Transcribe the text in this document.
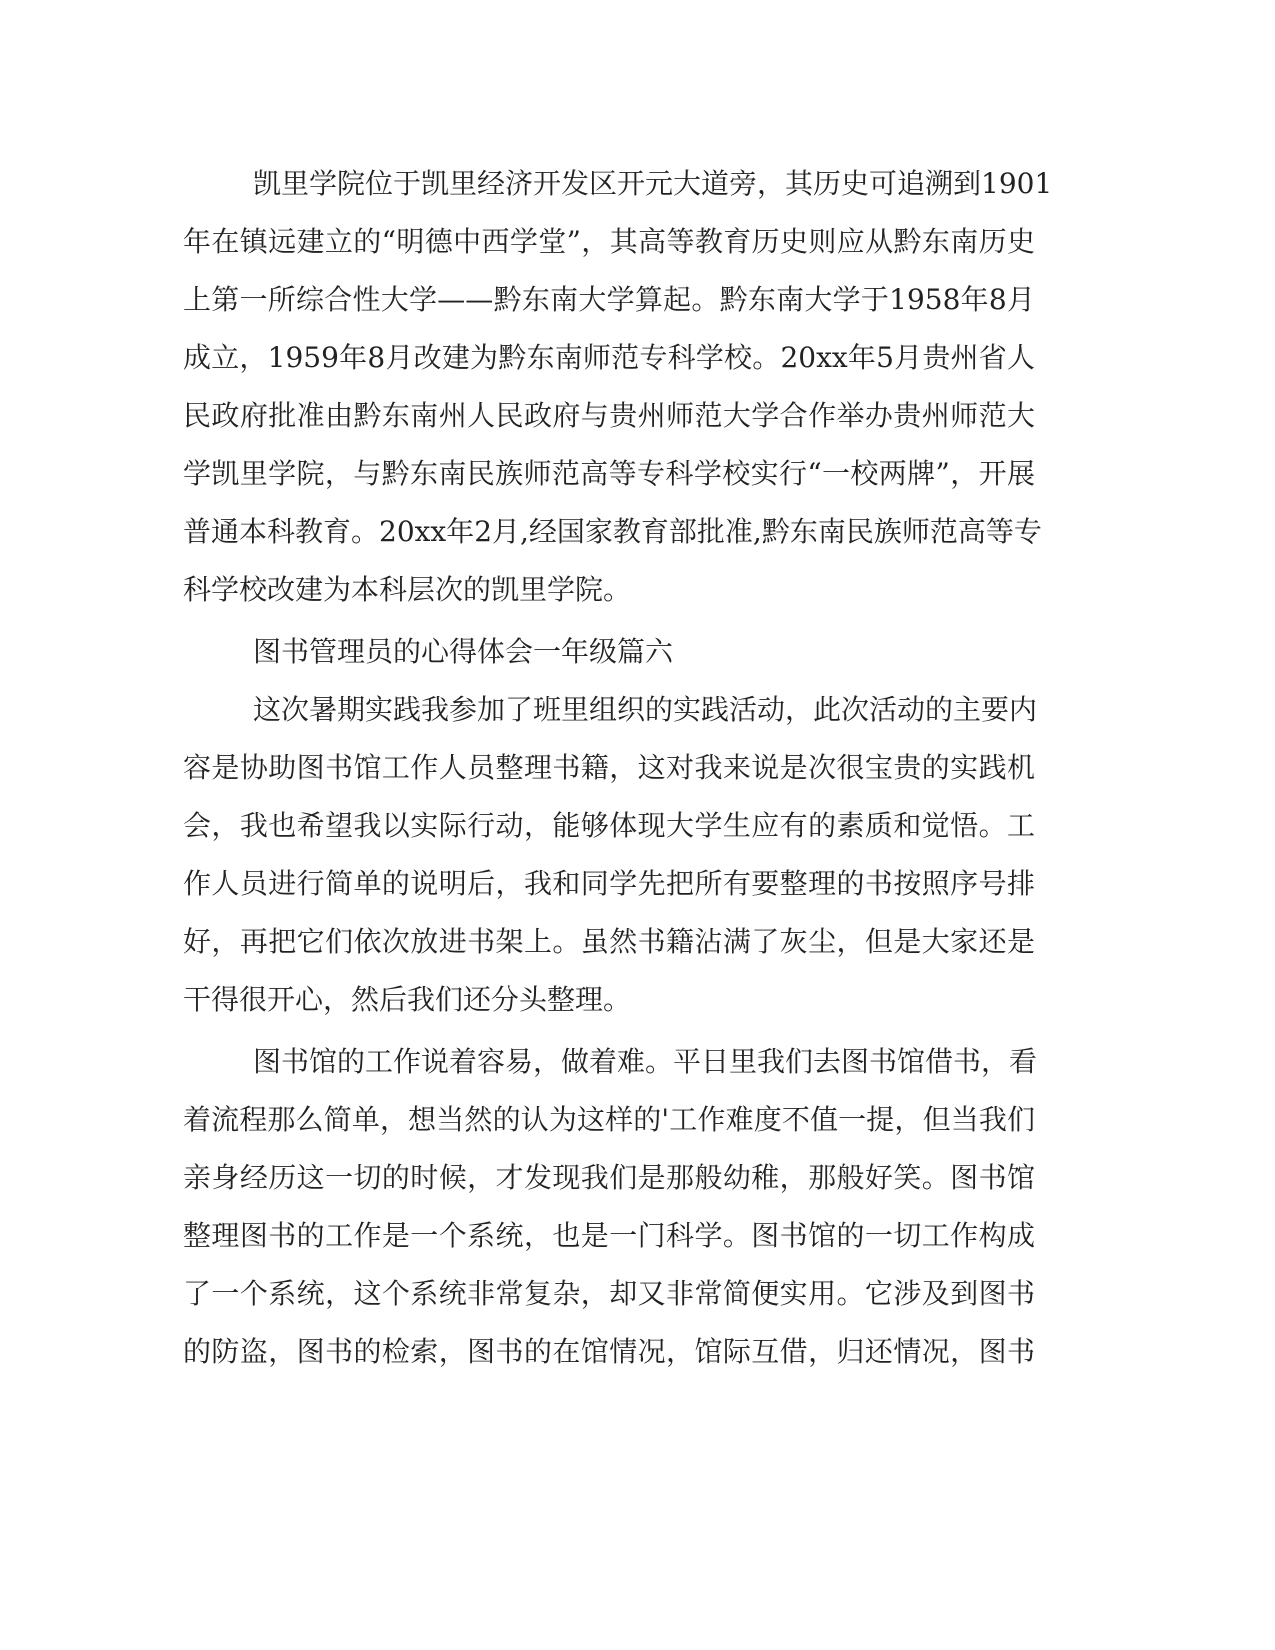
凯里学院位于凯里经济开发区开元大道旁，其历史可追溯到1901
年在镇远建立的“明德中西学堂”，其高等教育历史则应从黔东南历史
上第一所综合性大学——黔东南大学算起。黔东南大学于1958年8月
成立，1959年8月改建为黔东南师范专科学校。20xx年5月贵州省人
民政府批准由黔东南州人民政府与贵州师范大学合作举办贵州师范大
学凯里学院，与黔东南民族师范高等专科学校实行“一校两牌”，开展
普通本科教育。20xx年2月,经国家教育部批准,黔东南民族师范高等专
科学校改建为本科层次的凯里学院。
图书管理员的心得体会一年级篇六
这次暑期实践我参加了班里组织的实践活动，此次活动的主要内
容是协助图书馆工作人员整理书籍，这对我来说是次很宝贵的实践机
会，我也希望我以实际行动，能够体现大学生应有的素质和觉悟。工
作人员进行简单的说明后，我和同学先把所有要整理的书按照序号排
好，再把它们依次放进书架上。虽然书籍沾满了灰尘，但是大家还是
干得很开心，然后我们还分头整理。
图书馆的工作说着容易，做着难。平日里我们去图书馆借书，看
着流程那么简单，想当然的认为这样的'工作难度不值一提，但当我们
亲身经历这一切的时候，才发现我们是那般幼稚，那般好笑。图书馆
整理图书的工作是一个系统，也是一门科学。图书馆的一切工作构成
了一个系统，这个系统非常复杂，却又非常简便实用。它涉及到图书
的防盗，图书的检索，图书的在馆情况，馆际互借，归还情况，图书
